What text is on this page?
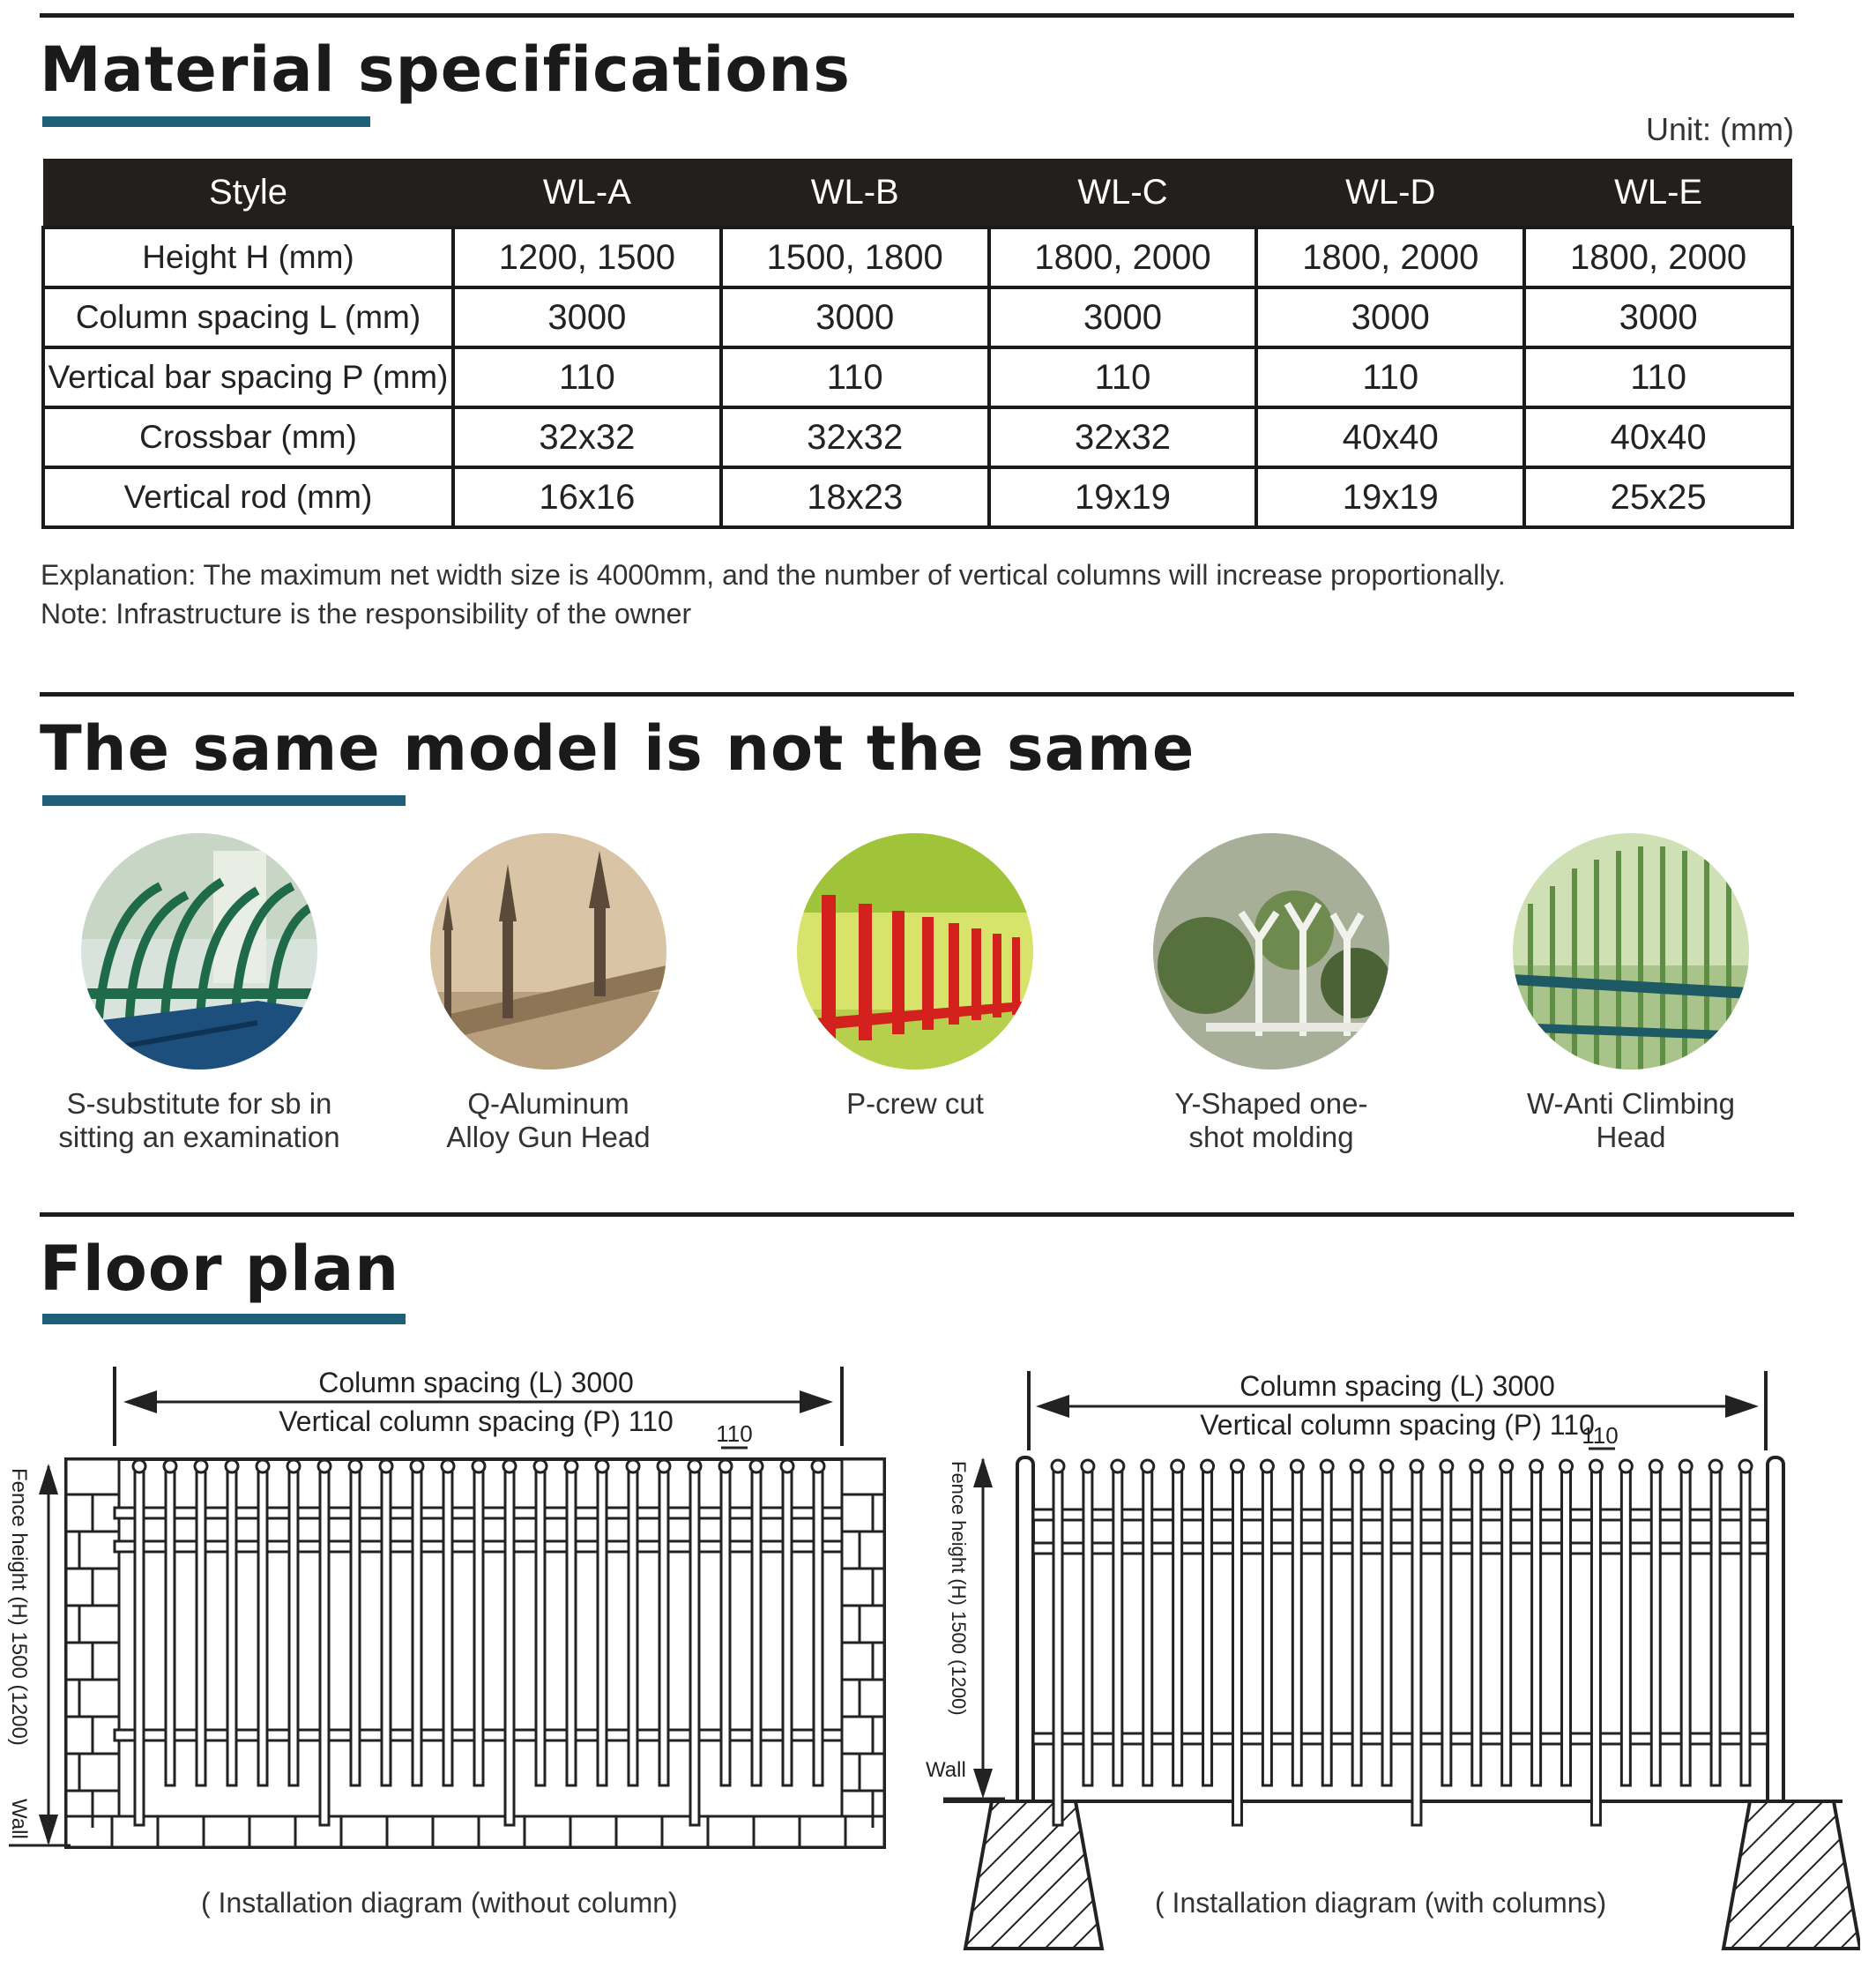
Material specifications
Unit: (mm)
Style	WL-A	WL-B	WL-C	WL-D	WL-E
Height H (mm)	1200, 1500	1500, 1800	1800, 2000	1800, 2000	1800, 2000
Column spacing L (mm)	3000	3000	3000	3000	3000
Vertical bar spacing P (mm)	110	110	110	110	110
Crossbar (mm)	32x32	32x32	32x32	40x40	40x40
Vertical rod (mm)	16x16	18x23	19x19	19x19	25x25
Explanation: The maximum net width size is 4000mm, and the number of vertical columns will increase proportionally.
Note: Infrastructure is the responsibility of the owner
The same model is not the same
S-substitute for sb in
sitting an examination
Q-Aluminum
Alloy Gun Head
P-crew cut	Y-Shaped one-
shot molding
W-Anti Climbing
Head
Floor plan
Column spacing (L) 3000
Vertical column spacing (P) 110 110
Fence height (H) 1500 (1200)
Wall
( Installation diagram (without column)
Column spacing (L) 3000
Vertical column spacing (P) 110
110
Fence height (H) 1500 (1200)
Wall
( Installation diagram (with columns)
